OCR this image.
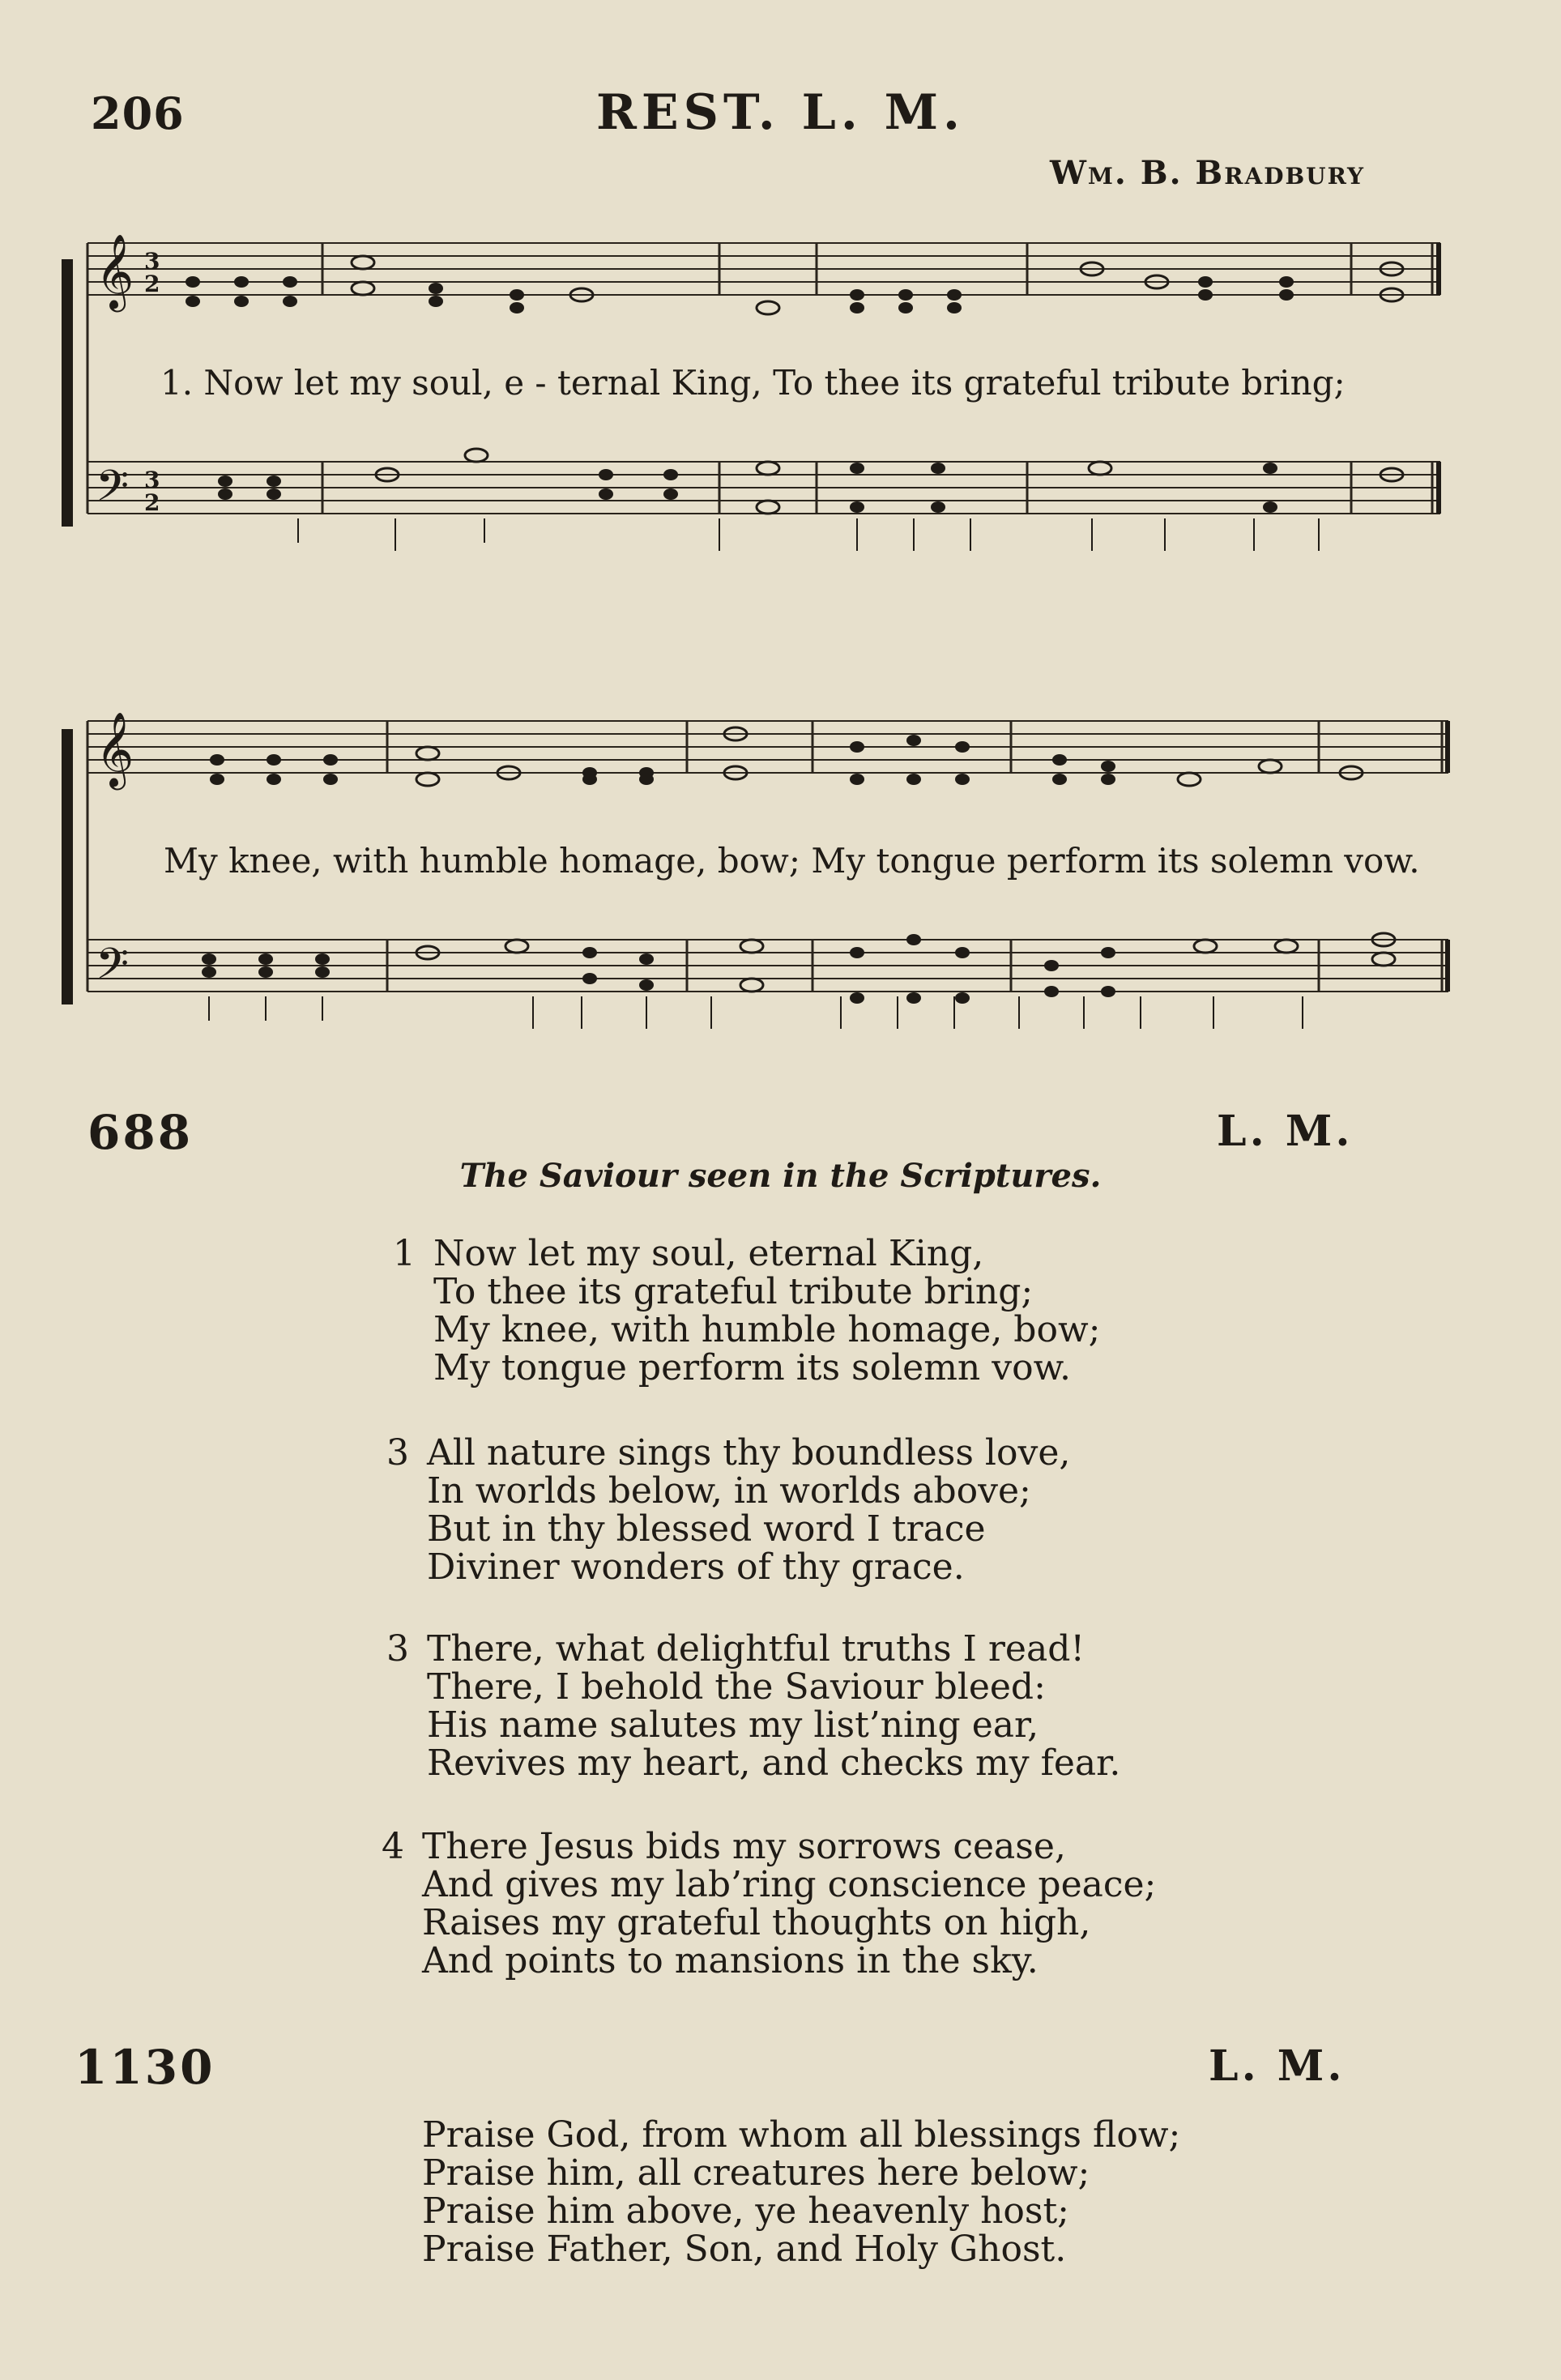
206	REST. L. M.
Wm. B. Bradbury
𝄞
𝄢
3
2
3
2
1. Now let my soul, e - ternal King, To thee its grateful tribute bring;
𝄞
𝄢
My knee, with humble homage, bow; My tongue perform its solemn vow.
688	L. M.
The Saviour seen in the Scriptures.
1 Now let my soul, eternal King,
To thee its grateful tribute bring;
My knee, with humble homage, bow;
My tongue perform its solemn vow.
3 All nature sings thy boundless love,
In worlds below, in worlds above;
But in thy blessed word I trace
Diviner wonders of thy grace.
3 There, what delightful truths I read!
There, I behold the Saviour bleed:
His name salutes my list’ning ear,
Revives my heart, and checks my fear.
4 There Jesus bids my sorrows cease,
And gives my lab’ring conscience peace;
Raises my grateful thoughts on high,
And points to mansions in the sky.
1130	L. M.
Praise God, from whom all blessings flow;
Praise him, all creatures here below;
Praise him above, ye heavenly host;
Praise Father, Son, and Holy Ghost.
